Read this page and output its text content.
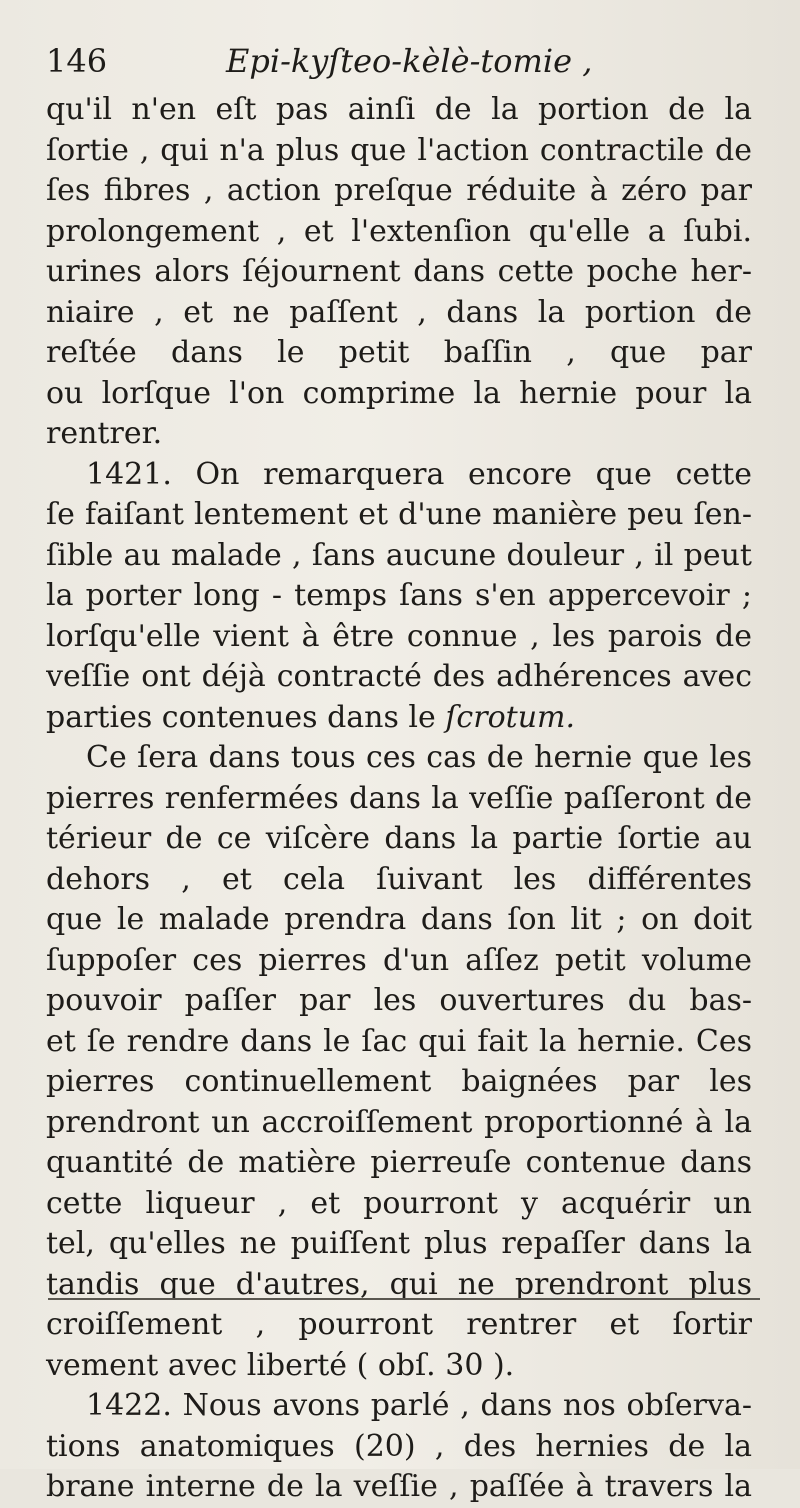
146	Epi-kyſteo-kèlè-tomie ,
qu'il n'en eſt pas ainſi de la portion de la
ſortie , qui n'a plus que l'action contractile de
ſes fibres , action preſque réduite à zéro par
prolongement , et l'extenſion qu'elle a ſubi.
urines alors ſéjournent dans cette poche her-
niaire , et ne paſſent , dans la portion de
reſtée dans le petit baſſin , que par
ou lorſque l'on comprime la hernie pour la
rentrer.
1421. On remarquera encore que cette
ſe faiſant lentement et d'une manière peu ſen-
ſible au malade , ſans aucune douleur , il peut
la porter long - temps ſans s'en appercevoir ;
lorſqu'elle vient à être connue , les parois de
veſſie ont déjà contracté des adhérences avec
parties contenues dans le ſcrotum.
Ce ſera dans tous ces cas de hernie que les
pierres renfermées dans la veſſie paſſeront de
térieur de ce viſcère dans la partie ſortie au
dehors , et cela ſuivant les différentes
que le malade prendra dans ſon lit ; on doit
ſuppoſer ces pierres d'un aſſez petit volume
pouvoir paſſer par les ouvertures du bas-
et ſe rendre dans le ſac qui fait la hernie. Ces
pierres continuellement baignées par les
prendront un accroiſſement proportionné à la
quantité de matière pierreuſe contenue dans
cette liqueur , et pourront y acquérir un
tel, qu'elles ne puiſſent plus repaſſer dans la
tandis que d'autres, qui ne prendront plus
croiſſement , pourront rentrer et ſortir
vement avec liberté ( obſ. 30 ).
1422. Nous avons parlé , dans nos obſerva-
tions anatomiques (20) , des hernies de la
brane interne de la veſſie , paſſée à travers la
